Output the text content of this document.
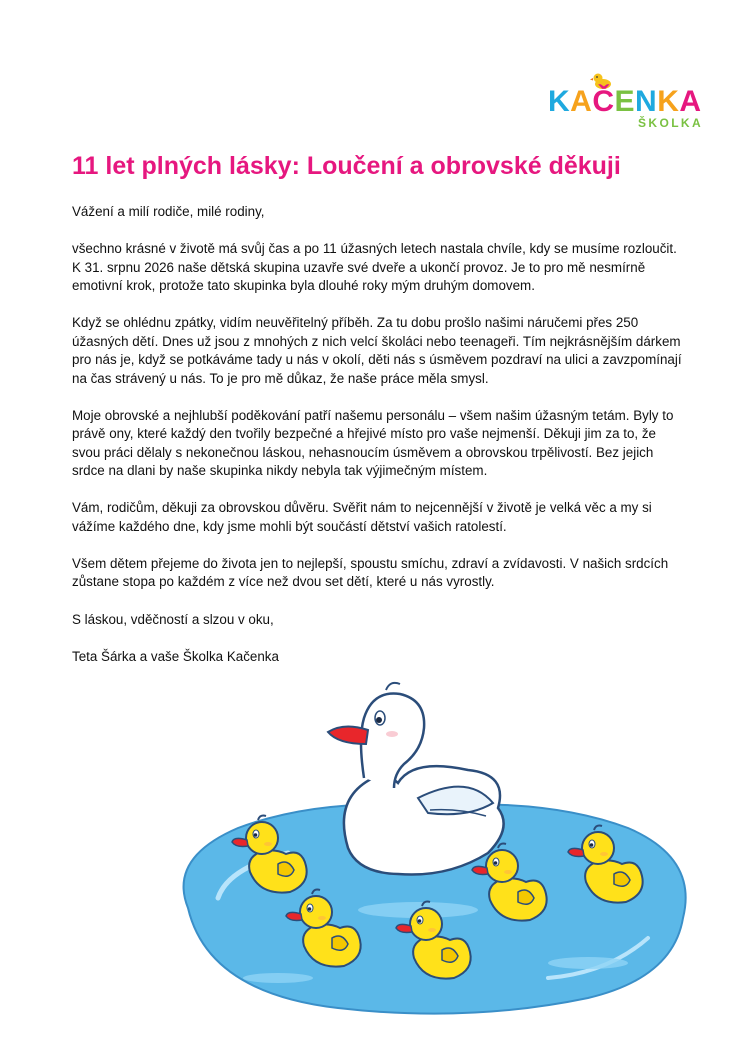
KAČENKA
ŠKOLKA
11 let plných lásky: Loučení a obrovské děkuji

Vážení a milí rodiče, milé rodiny,

všechno krásné v životě má svůj čas a po 11 úžasných letech nastala chvíle, kdy se musíme rozloučit. K 31. srpnu 2026 naše dětská skupina uzavře své dveře a ukončí provoz. Je to pro mě nesmírně emotivní krok, protože tato skupinka byla dlouhé roky mým druhým domovem.

Když se ohlédnu zpátky, vidím neuvěřitelný příběh. Za tu dobu prošlo našimi náručemi přes 250 úžasných dětí. Dnes už jsou z mnohých z nich velcí školáci nebo teenageři. Tím nejkrásnějším dárkem pro nás je, když se potkáváme tady u nás v okolí, děti nás s úsměvem pozdraví na ulici a zavzpomínají na čas strávený u nás. To je pro mě důkaz, že naše práce měla smysl.

Moje obrovské a nejhlubší poděkování patří našemu personálu – všem našim úžasným tetám. Byly to právě ony, které každý den tvořily bezpečné a hřejivé místo pro vaše nejmenší. Děkuji jim za to, že svou práci dělaly s nekonečnou láskou, nehasnoucím úsměvem a obrovskou trpělivostí. Bez jejich srdce na dlani by naše skupinka nikdy nebyla tak výjimečným místem.

Vám, rodičům, děkuji za obrovskou důvěru. Svěřit nám to nejcennější v životě je velká věc a my si vážíme každého dne, kdy jsme mohli být součástí dětství vašich ratolestí.

Všem dětem přejeme do života jen to nejlepší, spoustu smíchu, zdraví a zvídavosti. V našich srdcích zůstane stopa po každém z více než dvou set dětí, které u nás vyrostly.

S láskou, vděčností a slzou v oku,

Teta Šárka a vaše Školka Kačenka
